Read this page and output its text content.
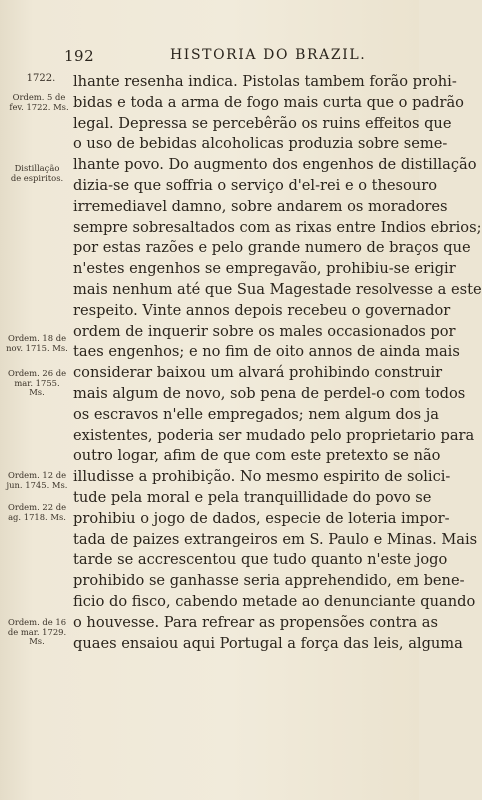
192	HISTORIA DO BRAZIL.
1722.
Ordem. 5 de
fev. 1722. Ms.
Distillação
de espiritos.
Ordem. 18 de
nov. 1715. Ms.
Ordem. 26 de
mar. 1755.
Ms.
Ordem. 12 de
jun. 1745. Ms.
Ordem. 22 de
ag. 1718. Ms.
Ordem. de 16
de mar. 1729.
Ms.
lhante resenha indica. Pistolas tambem forão prohi-
bidas e toda a arma de fogo mais curta que o padrão
legal. Depressa se percebêrão os ruins effeitos que
o uso de bebidas alcoholicas produzia sobre seme-
lhante povo. Do augmento dos engenhos de distillação
dizia-se que soffria o serviço d'el-rei e o thesouro
irremediavel damno, sobre andarem os moradores
sempre sobresaltados com as rixas entre Indios ebrios;
por estas razões e pelo grande numero de braços que
n'estes engenhos se empregavão, prohibiu-se erigir
mais nenhum até que Sua Magestade resolvesse a este
respeito. Vinte annos depois recebeu o governador
ordem de inquerir sobre os males occasionados por
taes engenhos; e no fim de oito annos de ainda mais
considerar baixou um alvará prohibindo construir
mais algum de novo, sob pena de perdel-o com todos
os escravos n'elle empregados; nem algum dos ja
existentes, poderia ser mudado pelo proprietario para
outro logar, afim de que com este pretexto se não
illudisse a prohibição. No mesmo espirito de solici-
tude pela moral e pela tranquillidade do povo se
prohibiu o jogo de dados, especie de loteria impor-
tada de paizes extrangeiros em S. Paulo e Minas. Mais
tarde se accrescentou que tudo quanto n'este jogo
prohibido se ganhasse seria apprehendido, em bene-
ficio do fisco, cabendo metade ao denunciante quando
o houvesse. Para refrear as propensões contra as
quaes ensaiou aqui Portugal a força das leis, alguma
